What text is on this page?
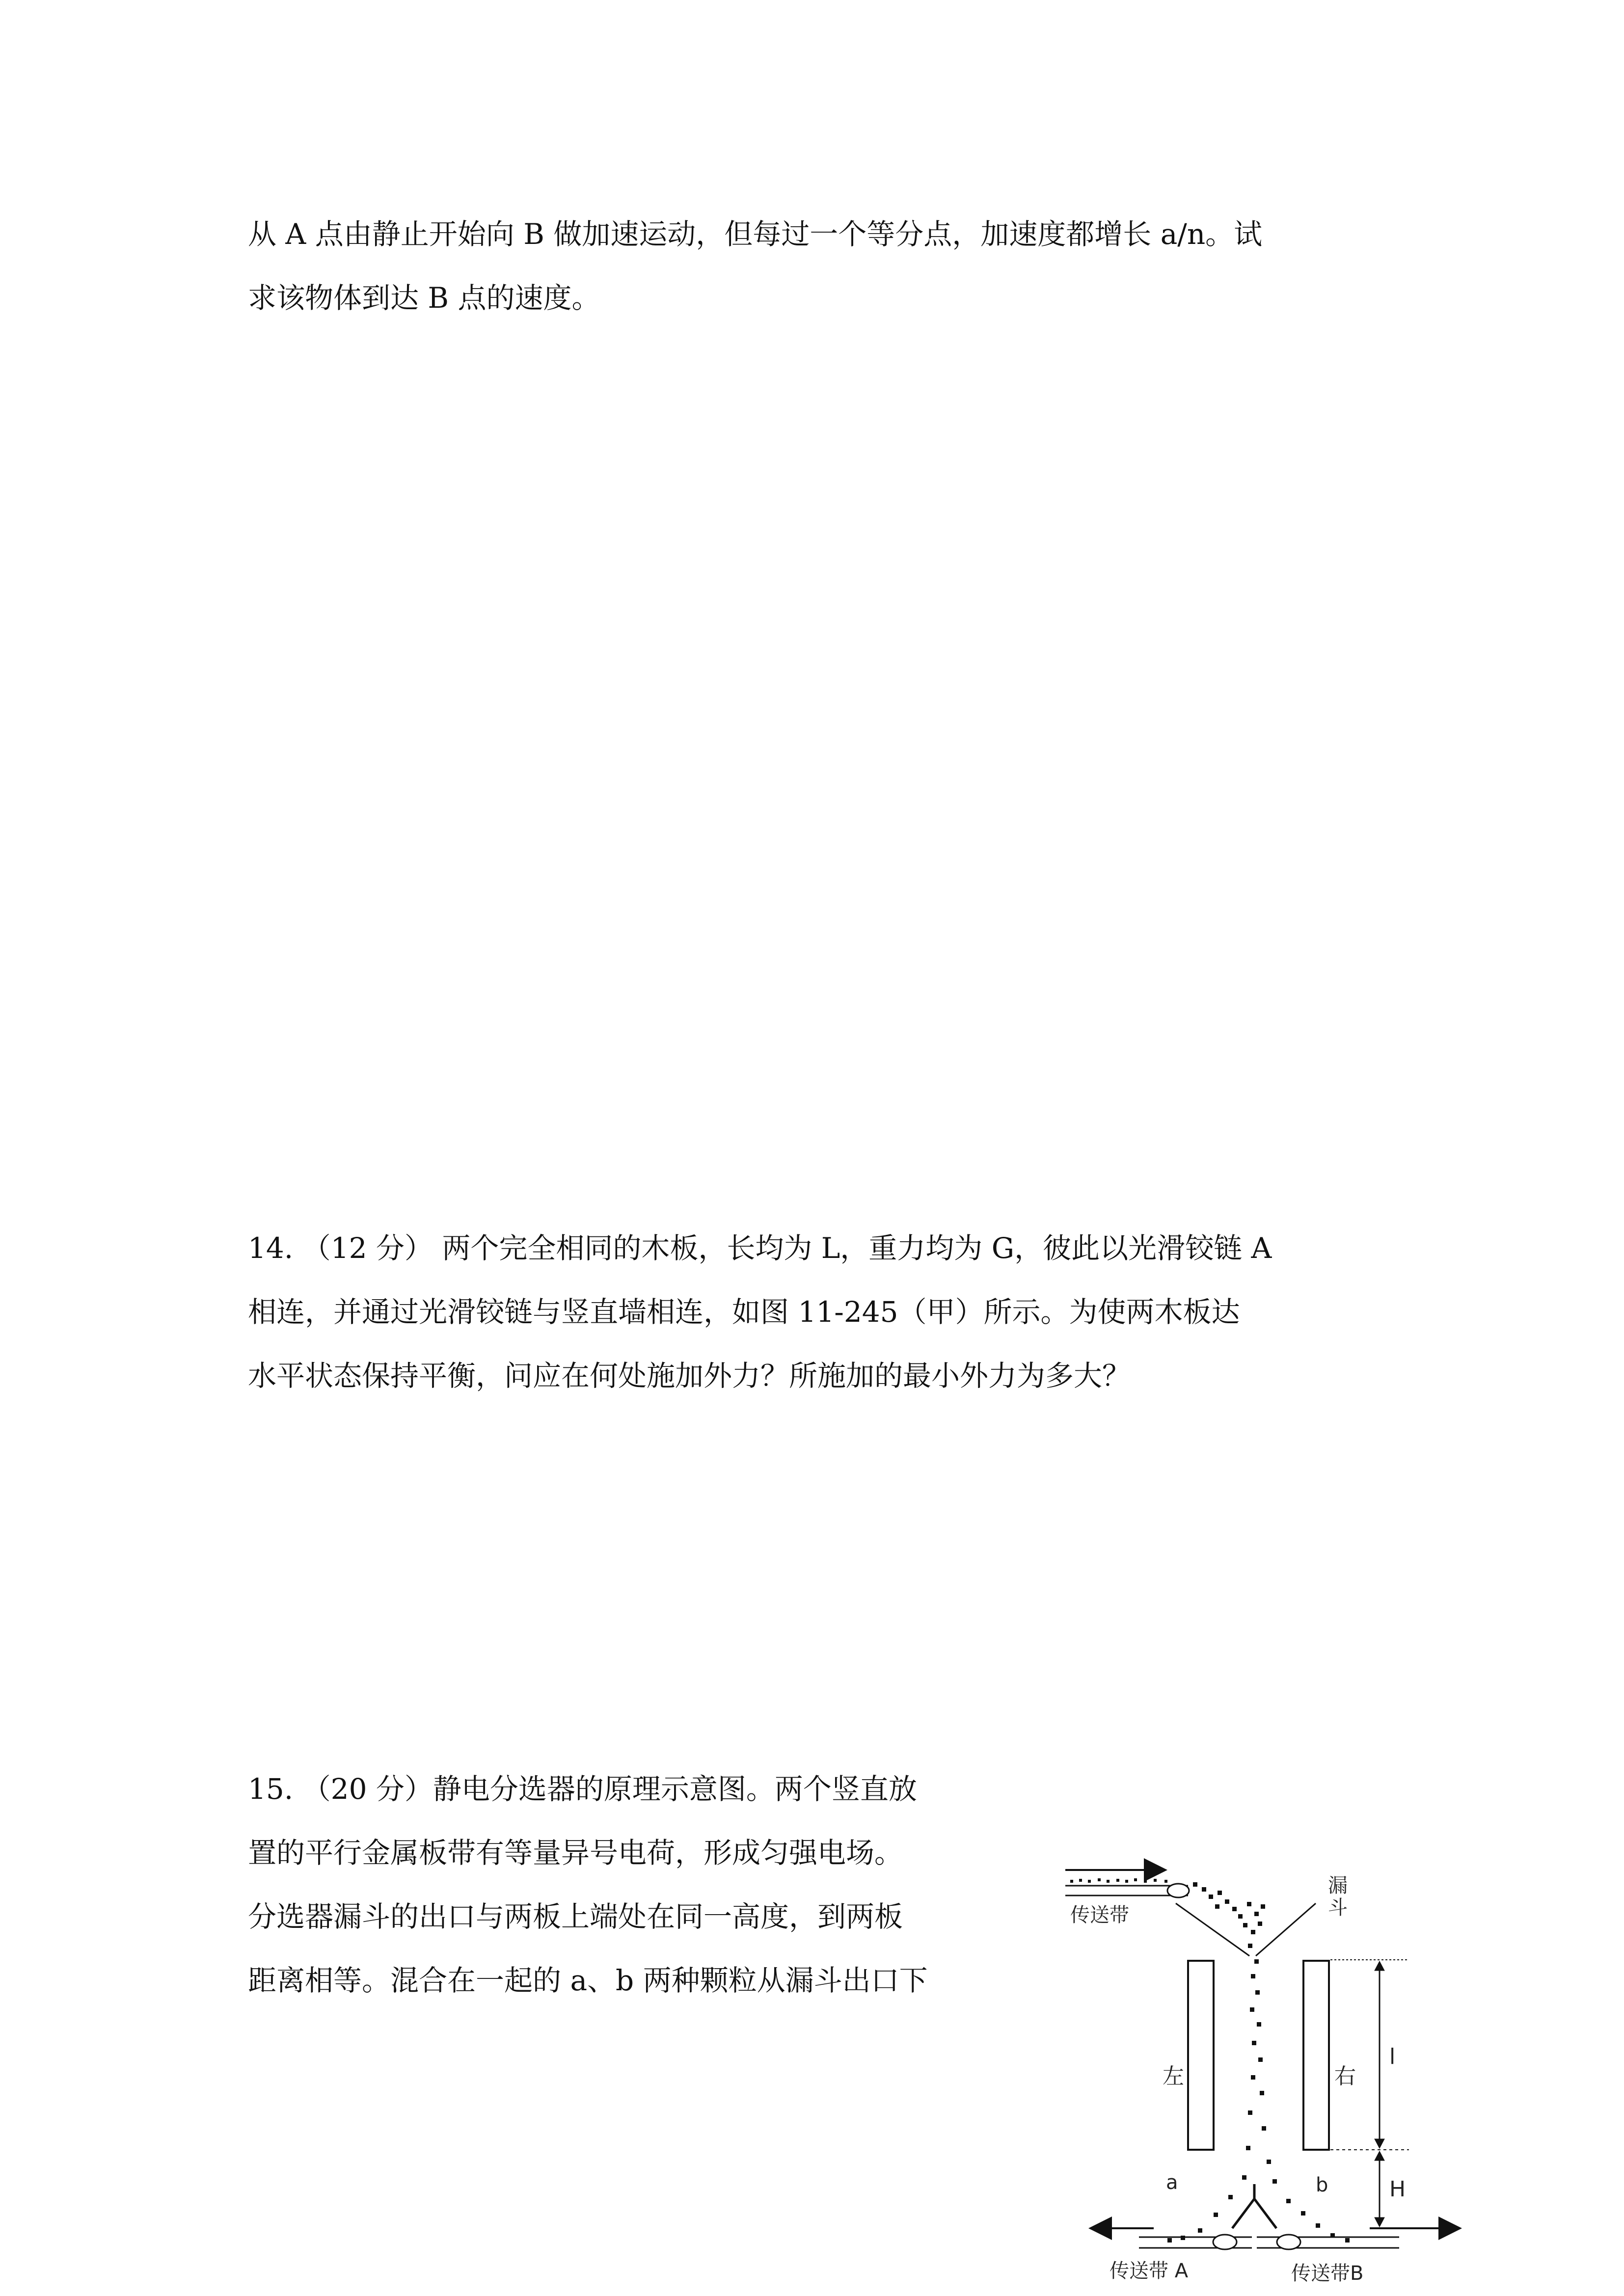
从 A 点由静止开始向 B 做加速运动，但每过一个等分点，加速度都增长 a/n。试
求该物体到达 B 点的速度。
14. （12 分） 两个完全相同的木板，长均为 L，重力均为 G，彼此以光滑铰链 A
相连，并通过光滑铰链与竖直墙相连，如图 11-245（甲）所示。为使两木板达
水平状态保持平衡，问应在何处施加外力？所施加的最小外力为多大？
15. （20 分）静电分选器的原理示意图。两个竖直放
置的平行金属板带有等量异号电荷，形成匀强电场。
分选器漏斗的出口与两板上端处在同一高度，到两板
距离相等。混合在一起的 a、b 两种颗粒从漏斗出口下
传送带
漏
斗
左	右
l
H
a
传送带 A
b
传送带B
